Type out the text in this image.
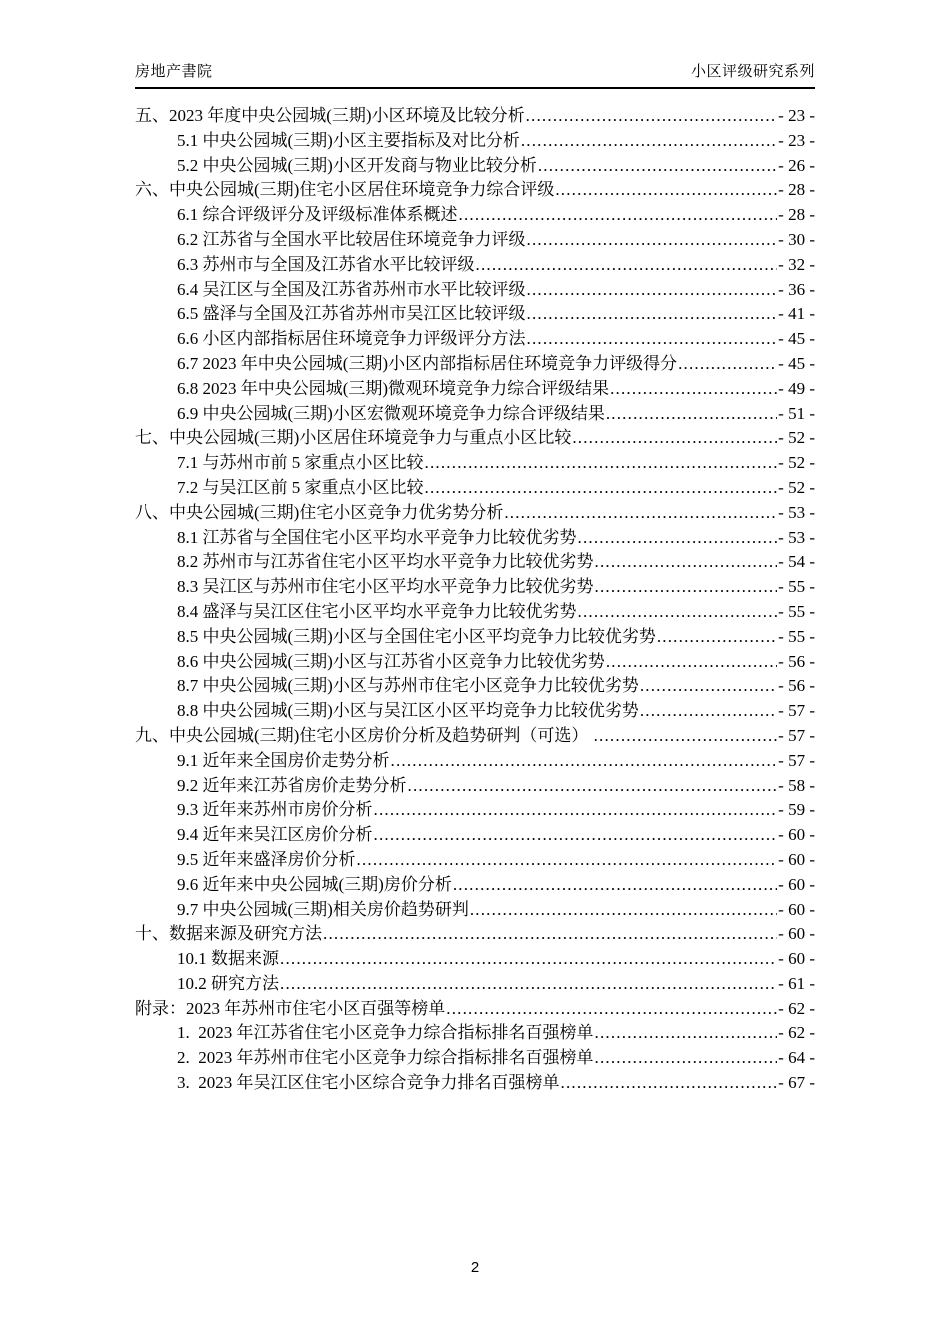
房地产書院	小区评级研究系列
五、2023 年度中央公园城(三期)小区环境及比较分析 .....	- 23 -
5.1 中央公园城(三期)小区主要指标及对比分析 .....	- 23 -
5.2 中央公园城(三期)小区开发商与物业比较分析 .....	- 26 -
六、中央公园城(三期)住宅小区居住环境竞争力综合评级 .....	- 28 -
6.1 综合评级评分及评级标准体系概述 .....	- 28 -
6.2 江苏省与全国水平比较居住环境竞争力评级 .....	- 30 -
6.3 苏州市与全国及江苏省水平比较评级 .....	- 32 -
6.4 吴江区与全国及江苏省苏州市水平比较评级 .....	- 36 -
6.5 盛泽与全国及江苏省苏州市吴江区比较评级 .....	- 41 -
6.6 小区内部指标居住环境竞争力评级评分方法 .....	- 45 -
6.7 2023 年中央公园城(三期)小区内部指标居住环境竞争力评级得分 .....	- 45 -
6.8 2023 年中央公园城(三期)微观环境竞争力综合评级结果 .....	- 49 -
6.9 中央公园城(三期)小区宏微观环境竞争力综合评级结果 .....	- 51 -
七、中央公园城(三期)小区居住环境竞争力与重点小区比较 .....	- 52 -
7.1 与苏州市前 5 家重点小区比较 .....	- 52 -
7.2 与吴江区前 5 家重点小区比较 .....	- 52 -
八、中央公园城(三期)住宅小区竞争力优劣势分析 .....	- 53 -
8.1 江苏省与全国住宅小区平均水平竞争力比较优劣势 .....	- 53 -
8.2 苏州市与江苏省住宅小区平均水平竞争力比较优劣势 .....	- 54 -
8.3 吴江区与苏州市住宅小区平均水平竞争力比较优劣势 .....	- 55 -
8.4 盛泽与吴江区住宅小区平均水平竞争力比较优劣势 .....	- 55 -
8.5 中央公园城(三期)小区与全国住宅小区平均竞争力比较优劣势 .....	- 55 -
8.6 中央公园城(三期)小区与江苏省小区竞争力比较优劣势 .....	- 56 -
8.7 中央公园城(三期)小区与苏州市住宅小区竞争力比较优劣势 .....	- 56 -
8.8 中央公园城(三期)小区与吴江区小区平均竞争力比较优劣势 .....	- 57 -
九、中央公园城(三期)住宅小区房价分析及趋势研判（可选） .....	- 57 -
9.1 近年来全国房价走势分析 .....	- 57 -
9.2 近年来江苏省房价走势分析 .....	- 58 -
9.3 近年来苏州市房价分析 .....	- 59 -
9.4 近年来吴江区房价分析 .....	- 60 -
9.5 近年来盛泽房价分析 .....	- 60 -
9.6 近年来中央公园城(三期)房价分析 .....	- 60 -
9.7 中央公园城(三期)相关房价趋势研判 .....	- 60 -
十、数据来源及研究方法 .....	- 60 -
10.1 数据来源 .....	- 60 -
10.2 研究方法 .....	- 61 -
附录：2023 年苏州市住宅小区百强等榜单 .....	- 62 -
1.  2023 年江苏省住宅小区竞争力综合指标排名百强榜单 .....	- 62 -
2.  2023 年苏州市住宅小区竞争力综合指标排名百强榜单 .....	- 64 -
3.  2023 年吴江区住宅小区综合竞争力排名百强榜单 .....	- 67 -
2
